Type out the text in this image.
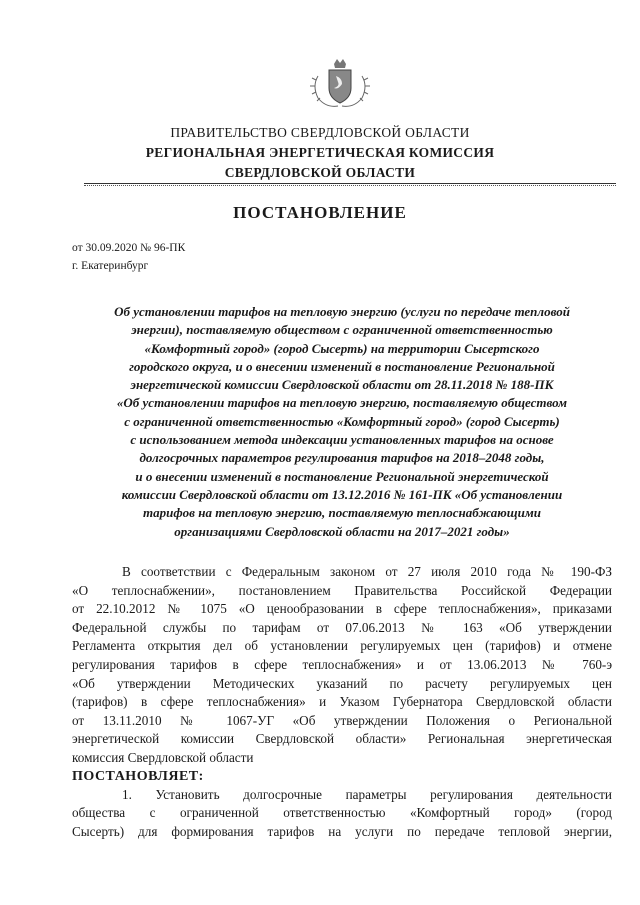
ПРАВИТЕЛЬСТВО СВЕРДЛОВСКОЙ ОБЛАСТИ
РЕГИОНАЛЬНАЯ ЭНЕРГЕТИЧЕСКАЯ КОМИССИЯ
СВЕРДЛОВСКОЙ ОБЛАСТИ
ПОСТАНОВЛЕНИЕ
от 30.09.2020 № 96-ПК
г. Екатеринбург
Об установлении тарифов на тепловую энергию (услуги по передаче тепловой
энергии), поставляемую обществом с ограниченной ответственностью
«Комфортный город» (город Сысерть) на территории Сысертского
городского округа, и о внесении изменений в постановление Региональной
энергетической комиссии Свердловской области от 28.11.2018 № 188-ПК
«Об установлении тарифов на тепловую энергию, поставляемую обществом
с ограниченной ответственностью «Комфортный город» (город Сысерть)
с использованием метода индексации установленных тарифов на основе
долгосрочных параметров регулирования тарифов на 2018–2048 годы,
и о внесении изменений в постановление Региональной энергетической
комиссии Свердловской области от 13.12.2016 № 161-ПК «Об установлении
тарифов на тепловую энергию, поставляемую теплоснабжающими
организациями Свердловской области на 2017–2021 годы»
В соответствии с Федеральным законом от 27 июля 2010 года № 190-ФЗ
«О теплоснабжении», постановлением Правительства Российской Федерации
от 22.10.2012 № 1075 «О ценообразовании в сфере теплоснабжения», приказами
Федеральной службы по тарифам от 07.06.2013 № 163 «Об утверждении
Регламента открытия дел об установлении регулируемых цен (тарифов) и отмене
регулирования тарифов в сфере теплоснабжения» и от 13.06.2013 № 760-э
«Об утверждении Методических указаний по расчету регулируемых цен
(тарифов) в сфере теплоснабжения» и Указом Губернатора Свердловской области
от 13.11.2010 № 1067-УГ «Об утверждении Положения о Региональной
энергетической комиссии Свердловской области» Региональная энергетическая
комиссия Свердловской области
ПОСТАНОВЛЯЕТ:
1. Установить долгосрочные параметры регулирования деятельности
общества с ограниченной ответственностью «Комфортный город» (город
Сысерть) для формирования тарифов на услуги по передаче тепловой энергии,
